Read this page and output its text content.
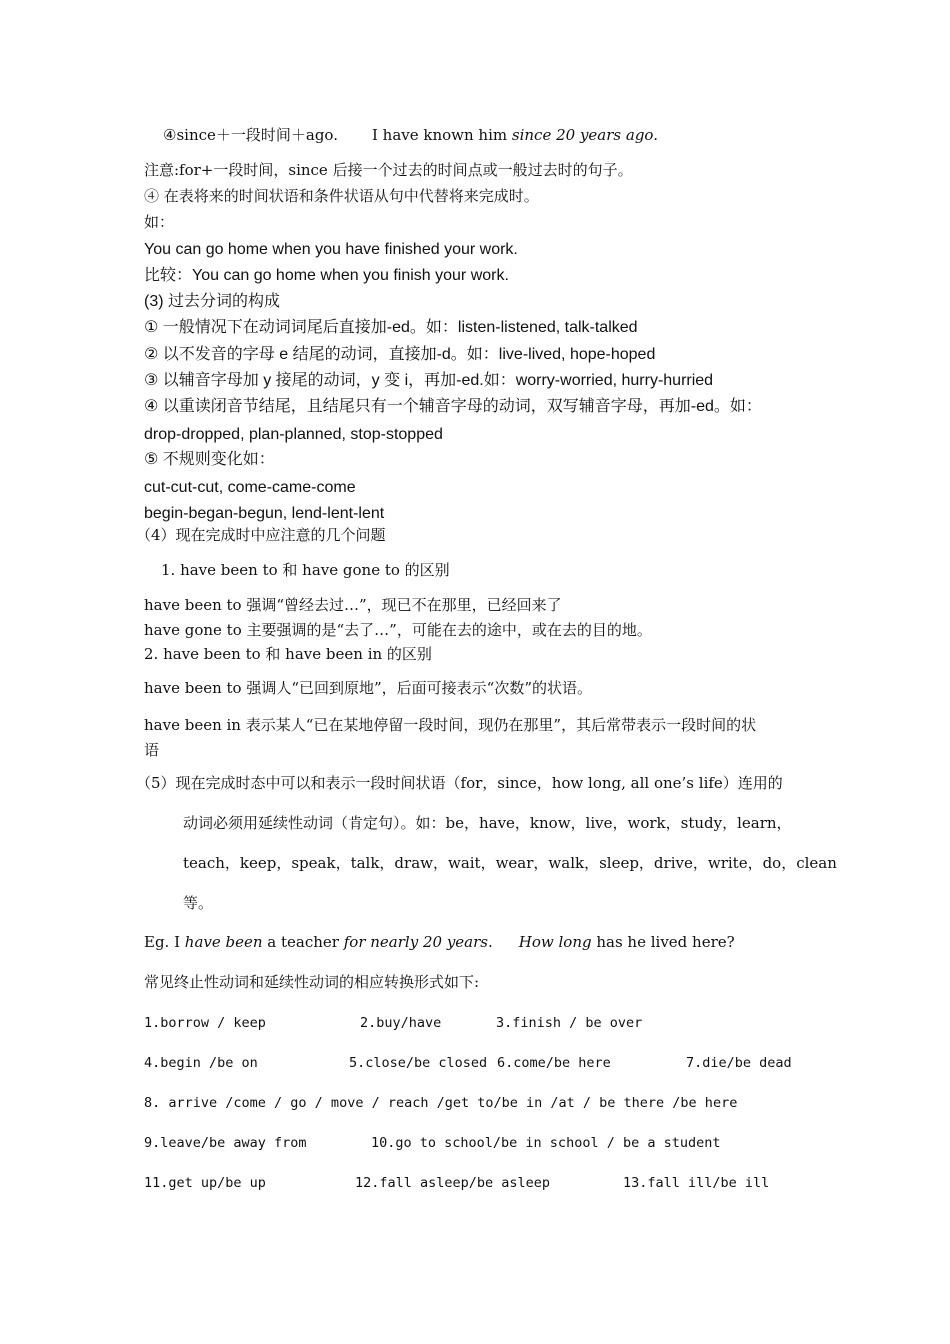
④since＋一段时间＋ago. I have known him since 20 years ago.
注意:for+一段时间，since 后接一个过去的时间点或一般过去时的句子。
④ 在表将来的时间状语和条件状语从句中代替将来完成时。
如：
You can go home when you have finished your work.
比较：You can go home when you finish your work.
(3) 过去分词的构成
① 一般情况下在动词词尾后直接加-ed。如：listen-listened, talk-talked
② 以不发音的字母 e 结尾的动词，直接加-d。如：live-lived, hope-hoped
③ 以辅音字母加 y 接尾的动词，y 变 i，再加-ed.如：worry-worried, hurry-hurried
④ 以重读闭音节结尾，且结尾只有一个辅音字母的动词，双写辅音字母，再加-ed。如：
drop-dropped, plan-planned, stop-stopped
⑤ 不规则变化如：
cut-cut-cut, come-came-come
begin-began-begun, lend-lent-lent
（4）现在完成时中应注意的几个问题
1. have been to 和 have gone to 的区别
have been to 强调“曾经去过…”，现已不在那里，已经回来了
have gone to 主要强调的是“去了…”，可能在去的途中，或在去的目的地。
2. have been to 和 have been in 的区别
have been to 强调人“已回到原地”，后面可接表示“次数”的状语。
have been in 表示某人“已在某地停留一段时间，现仍在那里”，其后常带表示一段时间的状
语
（5）现在完成时态中可以和表示一段时间状语（for，since，how long, all one’s life）连用的
动词必须用延续性动词（肯定句）。如：be，have，know，live，work，study，learn，
teach，keep，speak，talk，draw，wait，wear，walk，sleep，drive，write，do，clean
等。
Eg. I have been a teacher for nearly 20 years. How long has he lived here?
常见终止性动词和延续性动词的相应转换形式如下:
1.borrow / keep	2.buy/have	3.finish / be over
4.begin /be on	5.close/be closed 6.come/be here	7.die/be dead
8. arrive /come / go / move / reach /get to/be in /at / be there /be here
9.leave/be away from	10.go to school/be in school / be a student
11.get up/be up	12.fall asleep/be asleep	13.fall ill/be ill
